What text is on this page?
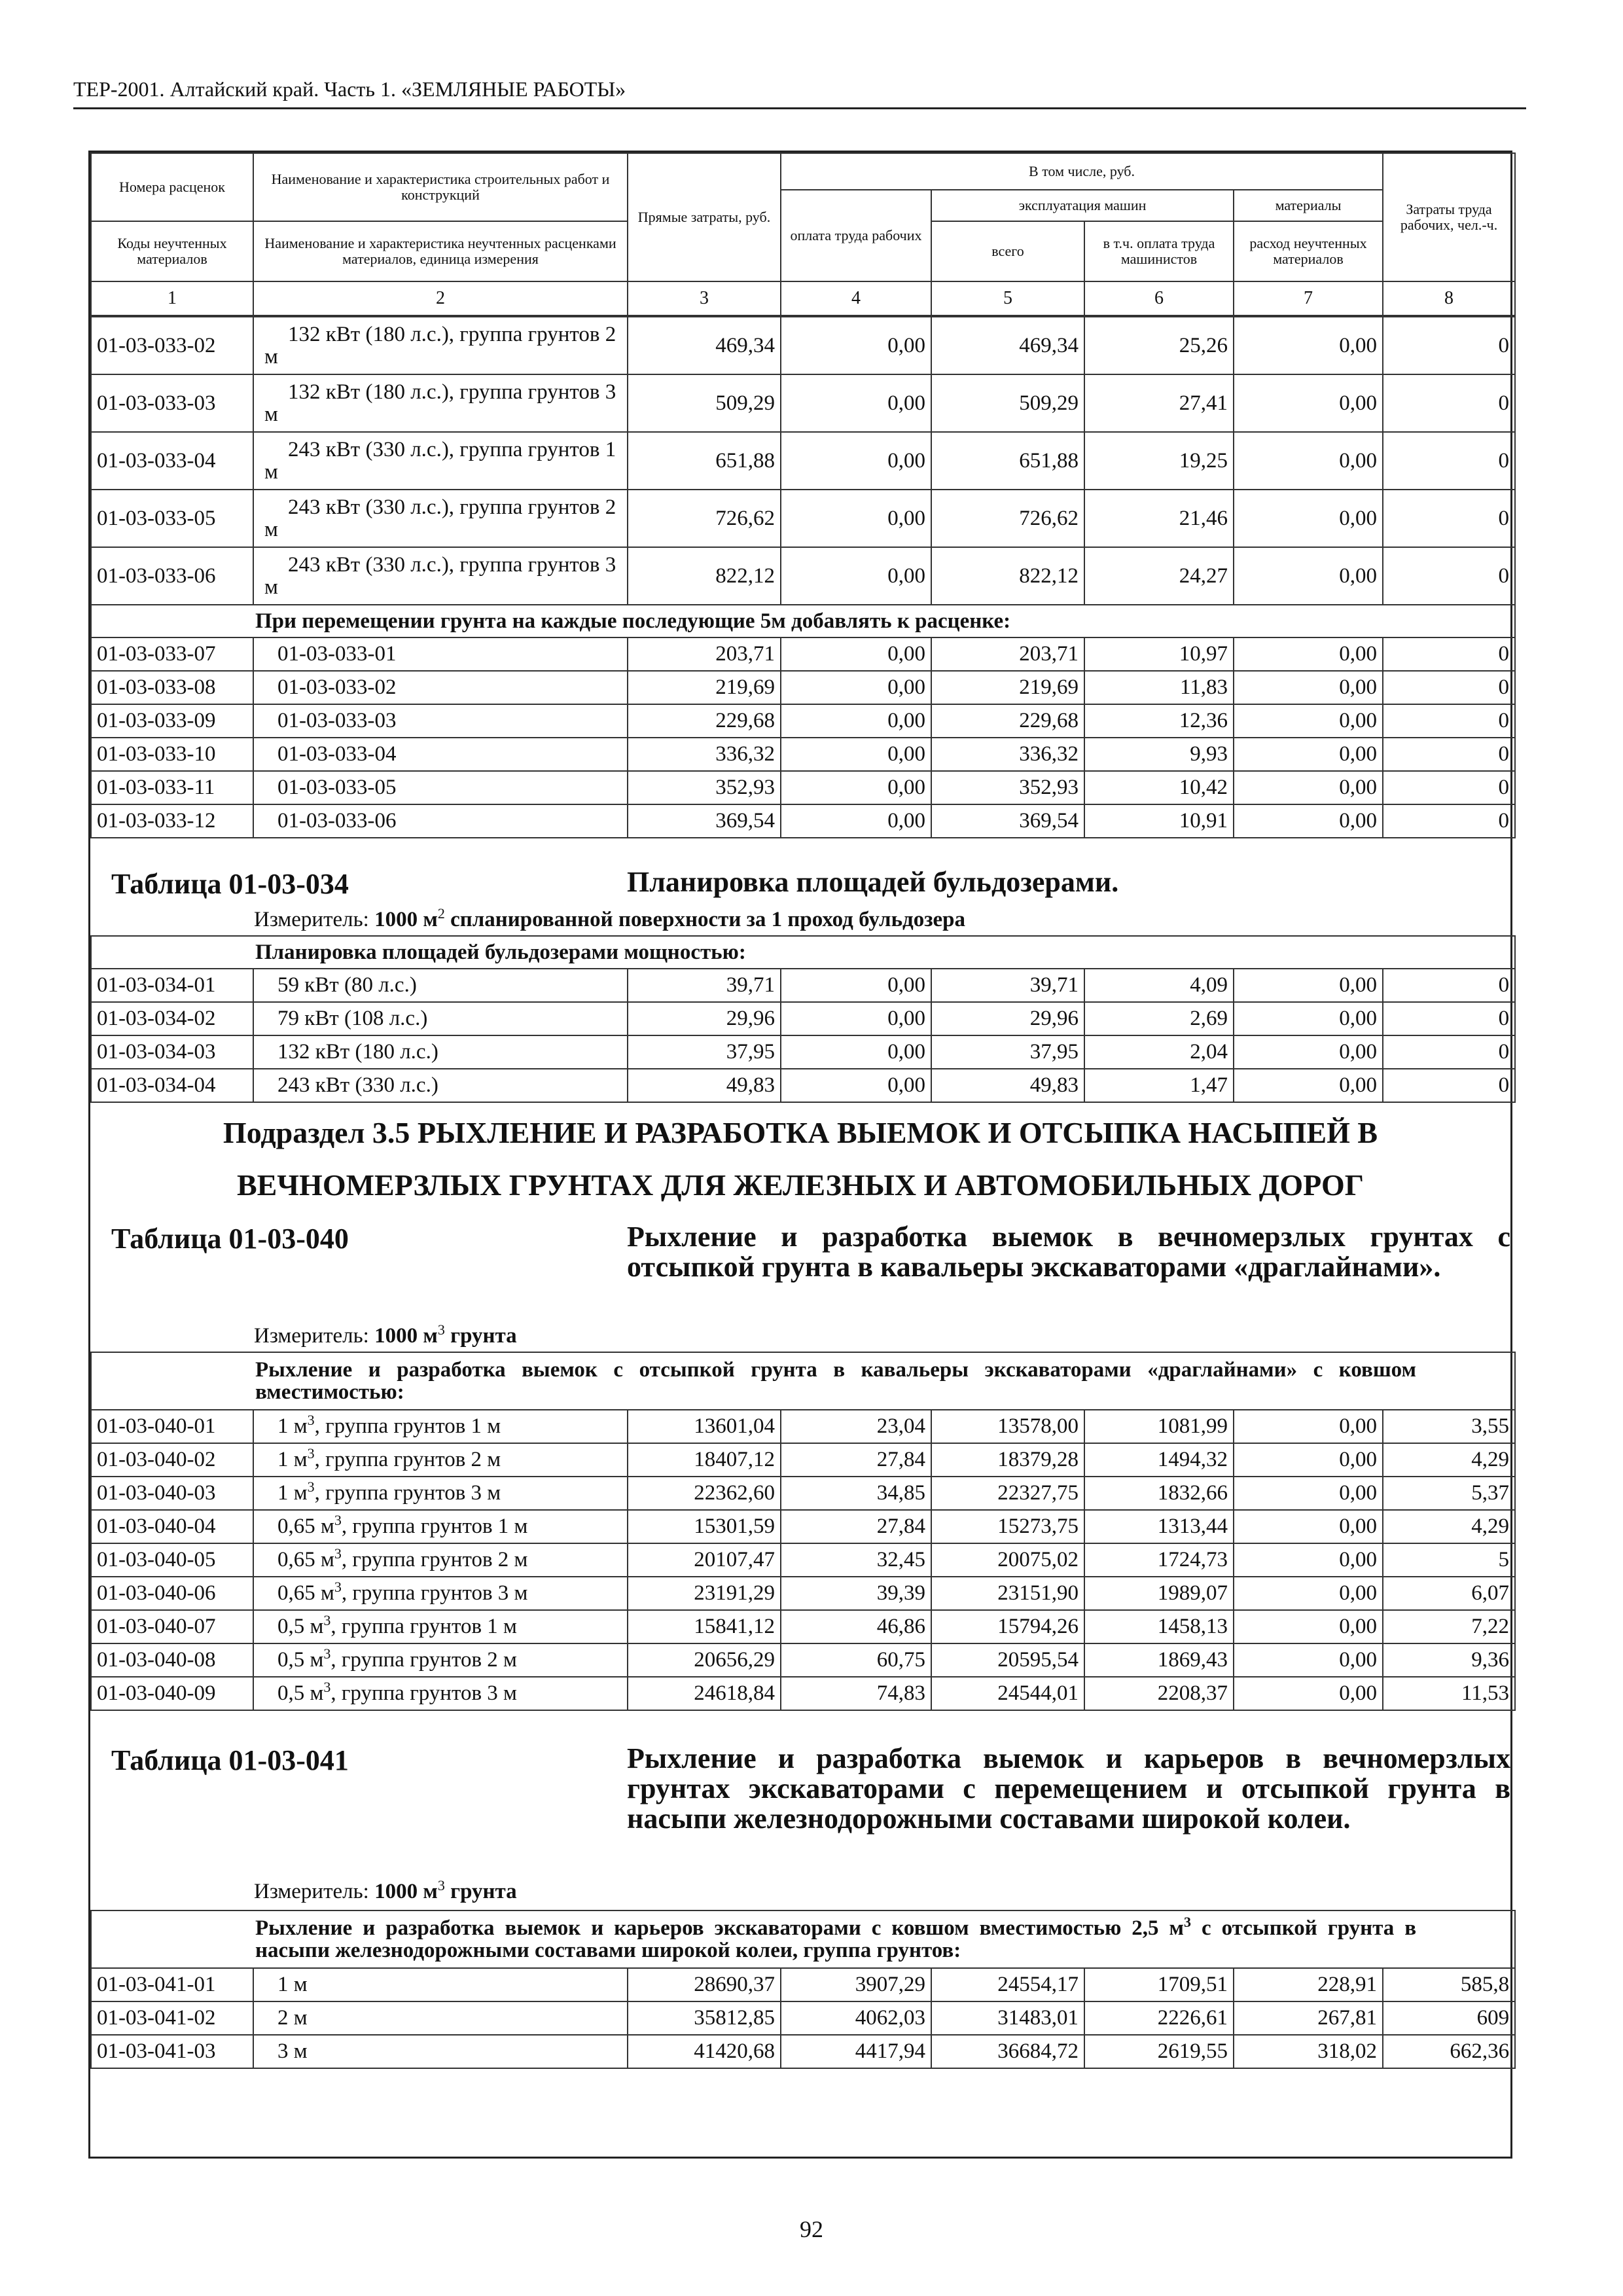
ТЕР-2001. Алтайский край. Часть 1. «ЗЕМЛЯНЫЕ РАБОТЫ»
Номера расценок	Наименование и характеристика строительных работ и конструкций	Прямые затраты, руб.	В том числе, руб.				Затраты труда рабочих, чел.-ч.
			оплата труда рабочих	эксплуатация машин		материалы	
Коды неучтенных материалов	Наименование и характеристика неучтенных расценками материалов, единица измерения			всего	в т.ч. оплата труда машинистов	расход неучтенных материалов	
1	2	3	4	5	6	7	8
01-03-033-02	132 кВт (180 л.с.), группа грунтов 2 м	469,34	0,00	469,34	25,26	0,00	0
01-03-033-03	132 кВт (180 л.с.), группа грунтов 3 м	509,29	0,00	509,29	27,41	0,00	0
01-03-033-04	243 кВт (330 л.с.), группа грунтов 1 м	651,88	0,00	651,88	19,25	0,00	0
01-03-033-05	243 кВт (330 л.с.), группа грунтов 2 м	726,62	0,00	726,62	21,46	0,00	0
01-03-033-06	243 кВт (330 л.с.), группа грунтов 3 м	822,12	0,00	822,12	24,27	0,00	0
При перемещении грунта на каждые последующие 5м добавлять к расценке:							
01-03-033-07	01-03-033-01	203,71	0,00	203,71	10,97	0,00	0
01-03-033-08	01-03-033-02	219,69	0,00	219,69	11,83	0,00	0
01-03-033-09	01-03-033-03	229,68	0,00	229,68	12,36	0,00	0
01-03-033-10	01-03-033-04	336,32	0,00	336,32	9,93	0,00	0
01-03-033-11	01-03-033-05	352,93	0,00	352,93	10,42	0,00	0
01-03-033-12	01-03-033-06	369,54	0,00	369,54	10,91	0,00	0
Таблица 01-03-034	Планировка площадей бульдозерами.
Измеритель: 1000 $м^2$ спланированной поверхности за 1 проход бульдозера
Планировка площадей бульдозерами мощностью:							
01-03-034-01	59 кВт (80 л.с.)	39,71	0,00	39,71	4,09	0,00	0
01-03-034-02	79 кВт (108 л.с.)	29,96	0,00	29,96	2,69	0,00	0
01-03-034-03	132 кВт (180 л.с.)	37,95	0,00	37,95	2,04	0,00	0
01-03-034-04	243 кВт (330 л.с.)	49,83	0,00	49,83	1,47	0,00	0
Подраздел 3.5 РЫХЛЕНИЕ И РАЗРАБОТКА ВЫЕМОК И ОТСЫПКА НАСЫПЕЙ В
ВЕЧНОМЕРЗЛЫХ ГРУНТАХ ДЛЯ ЖЕЛЕЗНЫХ И АВТОМОБИЛЬНЫХ ДОРОГ
Таблица 01-03-040	Рыхление и разработка выемок в вечномерзлых грунтах с отсыпкой грунта в кавальеры экскаваторами «драглайнами».
Измеритель: 1000 $м^3$ грунта
Рыхление и разработка выемок с отсыпкой грунта в кавальеры экскаваторами «драглайнами» с ковшом вместимостью:							
01-03-040-01	1 $м^3$, группа грунтов 1 м	13601,04	23,04	13578,00	1081,99	0,00	3,55
01-03-040-02	1 $м^3$, группа грунтов 2 м	18407,12	27,84	18379,28	1494,32	0,00	4,29
01-03-040-03	1 $м^3$, группа грунтов 3 м	22362,60	34,85	22327,75	1832,66	0,00	5,37
01-03-040-04	0,65 $м^3$, группа грунтов 1 м	15301,59	27,84	15273,75	1313,44	0,00	4,29
01-03-040-05	0,65 $м^3$, группа грунтов 2 м	20107,47	32,45	20075,02	1724,73	0,00	5
01-03-040-06	0,65 $м^3$, группа грунтов 3 м	23191,29	39,39	23151,90	1989,07	0,00	6,07
01-03-040-07	0,5 $м^3$, группа грунтов 1 м	15841,12	46,86	15794,26	1458,13	0,00	7,22
01-03-040-08	0,5 $м^3$, группа грунтов 2 м	20656,29	60,75	20595,54	1869,43	0,00	9,36
01-03-040-09	0,5 $м^3$, группа грунтов 3 м	24618,84	74,83	24544,01	2208,37	0,00	11,53
Таблица 01-03-041	Рыхление и разработка выемок и карьеров в вечномерзлых грунтах экскаваторами с перемещением и отсыпкой грунта в насыпи железнодорожными составами широкой колеи.
Измеритель: 1000 $м^3$ грунта
Рыхление и разработка выемок и карьеров экскаваторами с ковшом вместимостью 2,5 $м^3$ с отсыпкой грунта в насыпи железнодорожными составами широкой колеи, группа грунтов:							
01-03-041-01	1 м	28690,37	3907,29	24554,17	1709,51	228,91	585,8
01-03-041-02	2 м	35812,85	4062,03	31483,01	2226,61	267,81	609
01-03-041-03	3 м	41420,68	4417,94	36684,72	2619,55	318,02	662,36
92
